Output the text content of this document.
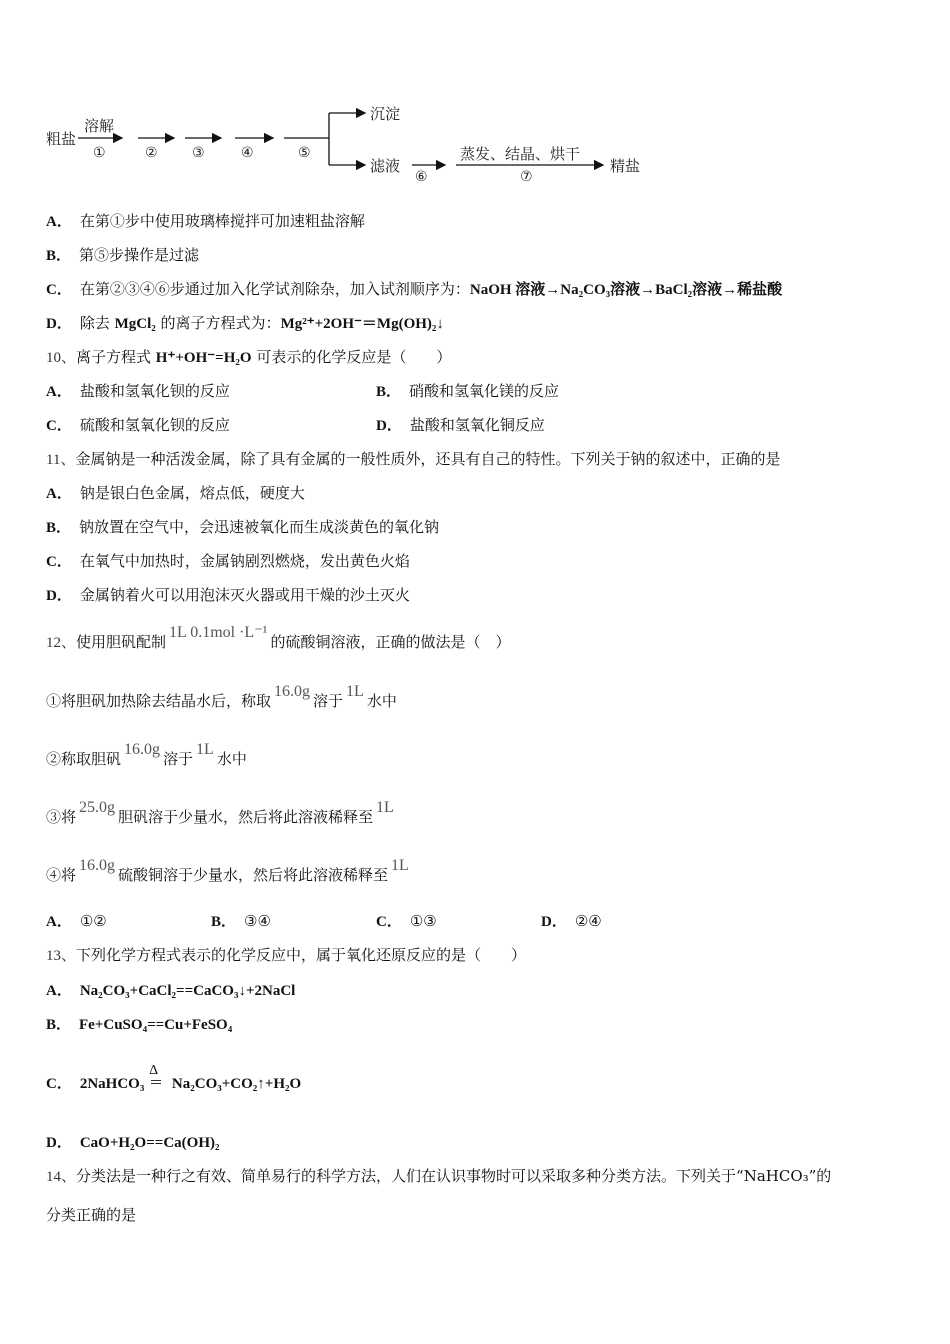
粗盐
溶解
①	② ③	④	⑤
沉淀
滤液
⑥
蒸发、结晶、烘干
⑦
精盐
A． 在第①步中使用玻璃棒搅拌可加速粗盐溶解
B． 第⑤步操作是过滤
C． 在第②③④⑥步通过加入化学试剂除杂，加入试剂顺序为：NaOH 溶液→Na₂CO₃溶液→BaCl₂溶液→稀盐酸
D． 除去 MgCl₂ 的离子方程式为：Mg²⁺+2OH⁻＝Mg(OH)₂↓
10、离子方程式 H⁺+OH⁻=H₂O 可表示的化学反应是（　　）
A． 盐酸和氢氧化钡的反应	B． 硝酸和氢氧化镁的反应
C． 硫酸和氢氧化钡的反应	D． 盐酸和氢氧化铜反应
11、金属钠是一种活泼金属，除了具有金属的一般性质外，还具有自己的特性。下列关于钠的叙述中，正确的是
A． 钠是银白色金属，熔点低，硬度大
B． 钠放置在空气中，会迅速被氧化而生成淡黄色的氧化钠
C． 在氧气中加热时，金属钠剧烈燃烧，发出黄色火焰
D． 金属钠着火可以用泡沫灭火器或用干燥的沙土灭火
12、使用胆矾配制1L 0.1mol ·L⁻¹的硫酸铜溶液，正确的做法是（　）
①将胆矾加热除去结晶水后，称取16.0g溶于1L水中
②称取胆矾16.0g溶于1L水中
③将25.0g胆矾溶于少量水，然后将此溶液稀释至1L
④将16.0g硫酸铜溶于少量水，然后将此溶液稀释至1L
A． ①②	B． ③④	C． ①③	D． ②④
13、下列化学方程式表示的化学反应中，属于氧化还原反应的是（　　）
A． Na₂CO₃+CaCl₂==CaCO₃↓+2NaCl
B． Fe+CuSO₄==Cu+FeSO₄
C． 2NaHCO₃
Δ
Na₂CO₃+CO₂↑+H₂O
D． CaO+H₂O==Ca(OH)₂
14、分类法是一种行之有效、简单易行的科学方法，人们在认识事物时可以采取多种分类方法。下列关于“NaHCO₃”的
分类正确的是
